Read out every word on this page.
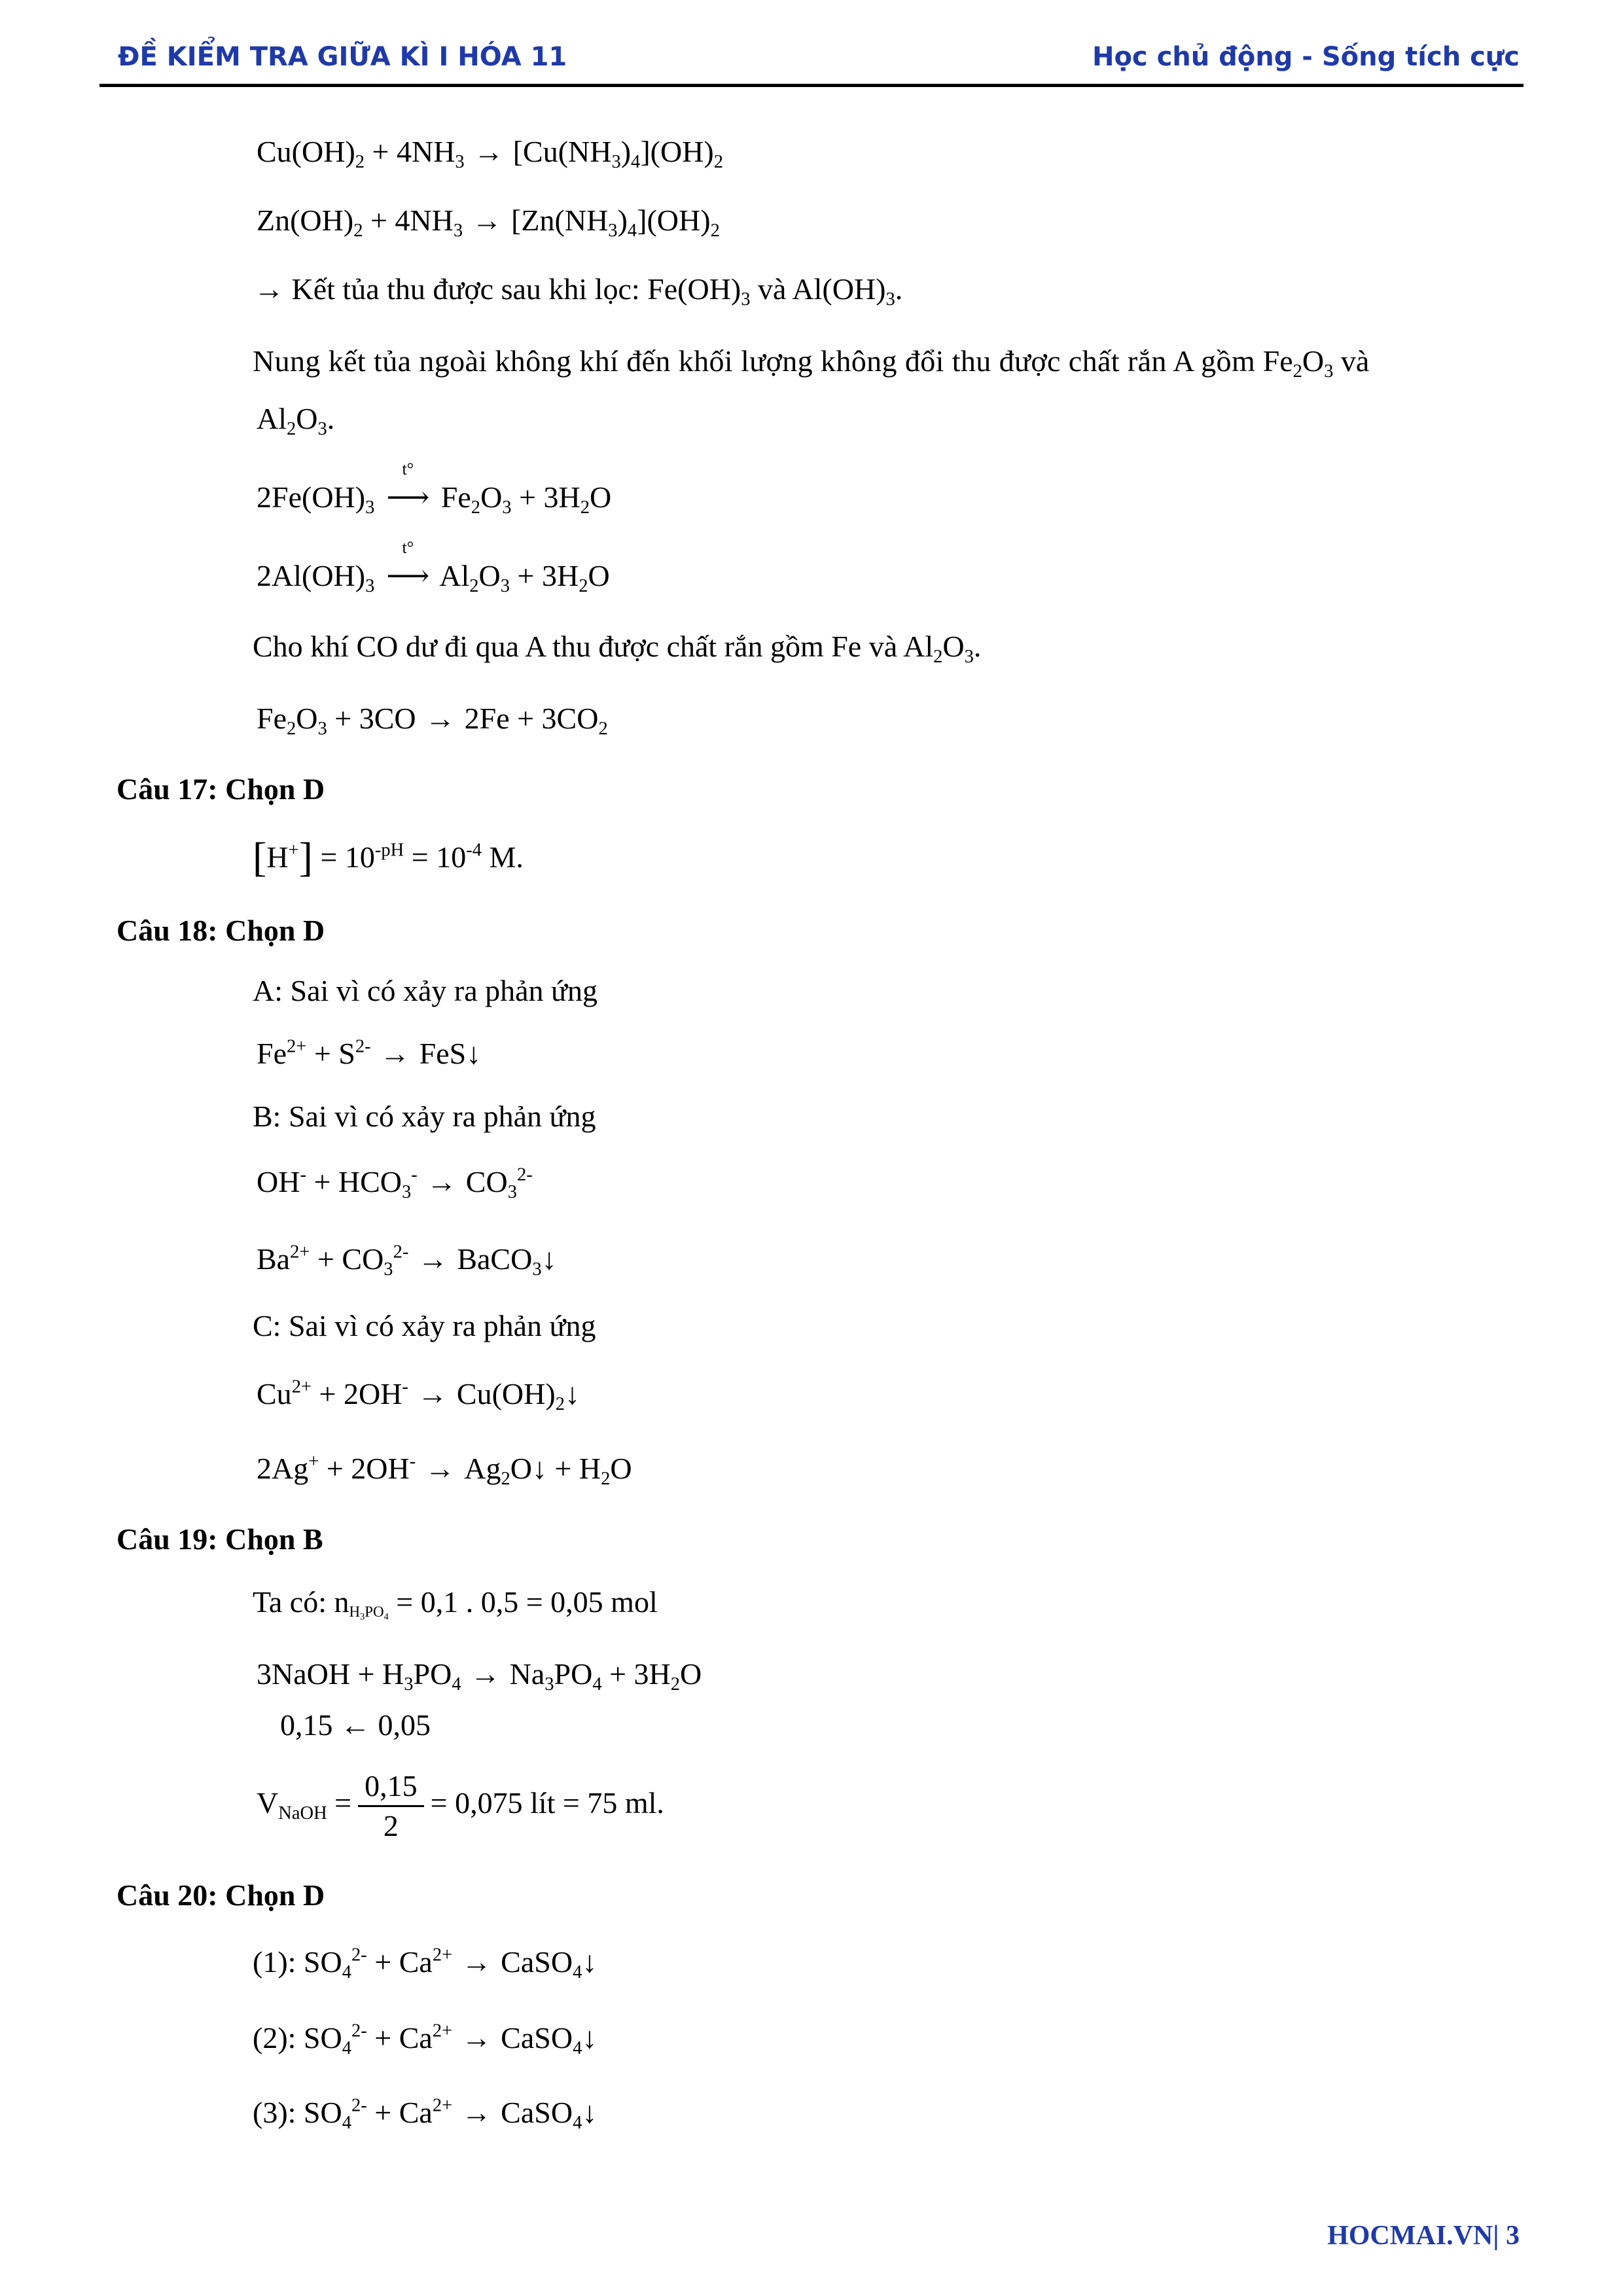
ĐỀ KIỂM TRA GIỮA KÌ I HÓA 11	Học chủ động - Sống tích cực
$Cu(OH)_2 + 4NH_3 \to [Cu(NH_3)_4](OH)_2$
$Zn(OH)_2 + 4NH_3 \to [Zn(NH_3)_4](OH)_2$
→ Kết tủa thu được sau khi lọc: $Fe(OH)_3$ và $Al(OH)_3$.
Nung kết tủa ngoài không khí đến khối lượng không đổi thu được chất rắn A gồm $Fe_2O_3$ và
$Al_2O_3$.
$2Fe(OH)_3$
t°
⟶ $Fe_2O_3 + 3H_2O$
$2Al(OH)_3$
t°
⟶ $Al_2O_3 + 3H_2O$
Cho khí CO dư đi qua A thu được chất rắn gồm Fe và $Al_2O_3$.
$Fe_2O_3 + 3CO \to 2Fe + 3CO_2$
Câu 17: Chọn D
$[H^+] = 10^{-pH} = 10^{-4}$ M.
Câu 18: Chọn D
A: Sai vì có xảy ra phản ứng
$Fe^{2+} + S^{2-}$ → FeS↓
B: Sai vì có xảy ra phản ứng
$OH^- + HCO_3^- \to CO_3^{2-}$
$Ba^{2+} + CO_3^{2-}$ → BaCO$_3$↓
C: Sai vì có xảy ra phản ứng
$Cu^{2+} + 2OH^-$ → $Cu(OH)_2↓$
$2Ag^+ + 2OH^- \to Ag_2O↓ + H_2O$
Câu 19: Chọn B
Ta có: $n_{H_3PO_4} = 0,1$ . 0,5 = 0,05 mol
3NaOH + $H_3PO_4 \to Na_3PO_4 + 3H_2O$
0,15 ← 0,05
$V_{NaOH} = \frac{0,15}{2} = 0,075$ lít = 75 ml.
Câu 20: Chọn D
(1): $SO_4^{2-} + Ca^{2+}$ → CaSO$_4$↓
(2): $SO_4^{2-} + Ca^{2+}$ → CaSO$_4$↓
(3): $SO_4^{2-} + Ca^{2+}$ → CaSO$_4$↓
HOCMAI.VN| 3
